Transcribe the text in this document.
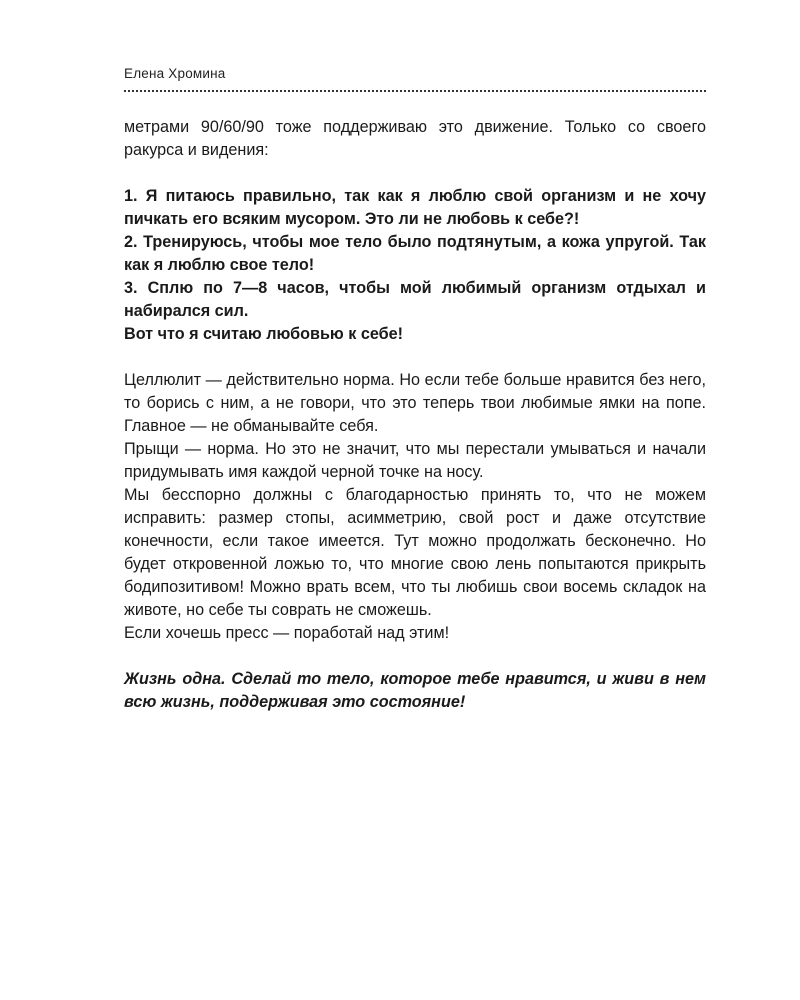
Елена Хромина

метрами 90/60/90 тоже поддерживаю это движение. Только со своего ракурса и видения:

1. Я питаюсь правильно, так как я люблю свой организм и не хочу пичкать его всяким мусором. Это ли не любовь к себе?!

2. Тренируюсь, чтобы мое тело было подтянутым, а кожа упругой. Так как я люблю свое тело!

3. Сплю по 7—8 часов, чтобы мой любимый организм отдыхал и набирался сил.

Вот что я считаю любовью к себе!

Целлюлит — действительно норма. Но если тебе больше нравится без него, то борись с ним, а не говори, что это теперь твои любимые ямки на попе. Главное — не обманывайте себя.

Прыщи — норма. Но это не значит, что мы перестали умываться и начали придумывать имя каждой черной точке на носу.

Мы бесспорно должны с благодарностью принять то, что не можем исправить: размер стопы, асимметрию, свой рост и даже отсутствие конечности, если такое имеется. Тут можно продолжать бесконечно. Но будет откровенной ложью то, что многие свою лень попытаются прикрыть бодипозитивом! Можно врать всем, что ты любишь свои восемь складок на животе, но себе ты соврать не сможешь.

Если хочешь пресс — поработай над этим!

Жизнь одна. Сделай то тело, которое тебе нравится, и живи в нем всю жизнь, поддерживая это состояние!
